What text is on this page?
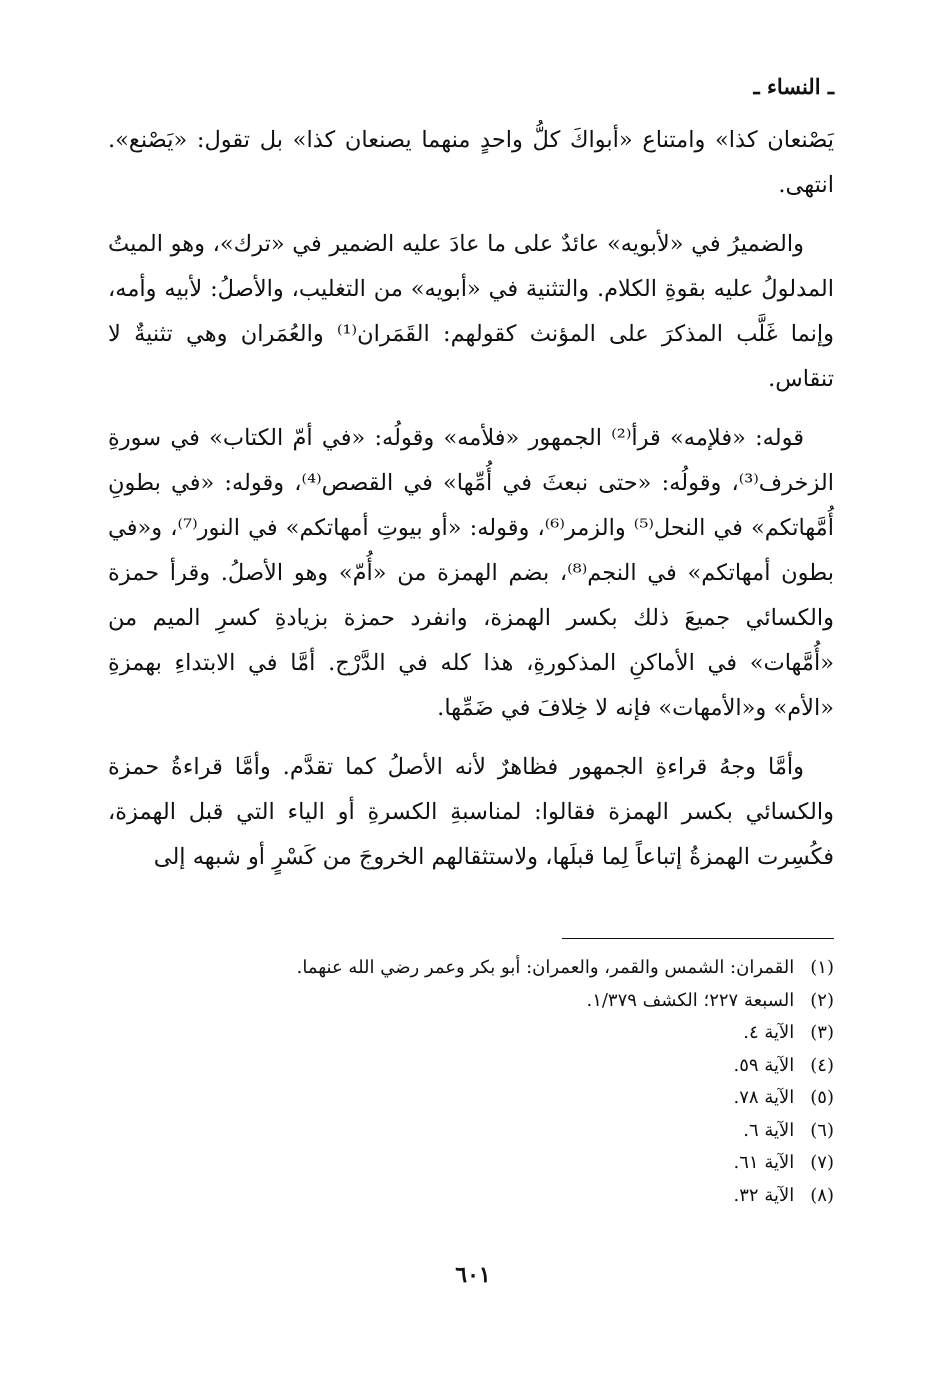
ـ النساء ـ

يَصْنعان كذا» وامتناع «أبواكَ كلُّ واحدٍ منهما يصنعان كذا» بل تقول: «يَصْنع». انتهى.

والضميرُ في «لأبويه» عائدٌ على ما عادَ عليه الضمير في «ترك»، وهو الميتُ المدلولُ عليه بقوةِ الكلام. والتثنية في «أبويه» من التغليب، والأصلُ: لأبيه وأمه، وإنما غَلَّب المذكرَ على المؤنث كقولهم: القَمَران⁽¹⁾ والعُمَران وهي تثنيةٌ لا تنقاس.

قوله: «فلإمه» قرأ⁽²⁾ الجمهور «فلأمه» وقولُه: «في أمّ الكتاب» في سورةِ الزخرف⁽³⁾، وقولُه: «حتى نبعثَ في أُمِّها» في القصص⁽⁴⁾، وقوله: «في بطونِ أُمَّهاتكم» في النحل⁽⁵⁾ والزمر⁽⁶⁾، وقوله: «أو بيوتِ أمهاتكم» في النور⁽⁷⁾، و«في بطون أمهاتكم» في النجم⁽⁸⁾، بضم الهمزة من «أُمّ» وهو الأصلُ. وقرأ حمزة والكسائي جميعَ ذلك بكسر الهمزة، وانفرد حمزة بزيادةِ كسرِ الميم من «أُمَّهات» في الأماكنِ المذكورةِ، هذا كله في الدَّرْج. أمَّا في الابتداءِ بهمزةِ «الأم» و«الأمهات» فإنه لا خِلافَ في ضَمِّها.

وأمَّا وجهُ قراءةِ الجمهور فظاهرٌ لأنه الأصلُ كما تقدَّم. وأمَّا قراءةُ حمزة والكسائي بكسر الهمزة فقالوا: لمناسبةِ الكسرةِ أو الياء التي قبل الهمزة، فكُسِرت الهمزةُ إتباعاً لِما قبلَها، ولاستثقالهم الخروجَ من كَسْرٍ أو شبهه إلى

(١) القمران: الشمس والقمر، والعمران: أبو بكر وعمر رضي الله عنهما.
(٢) السبعة ٢٢٧؛ الكشف ١/٣٧٩.
(٣) الآية ٤.
(٤) الآية ٥٩.
(٥) الآية ٧٨.
(٦) الآية ٦.
(٧) الآية ٦١.
(٨) الآية ٣٢.
٦٠١
